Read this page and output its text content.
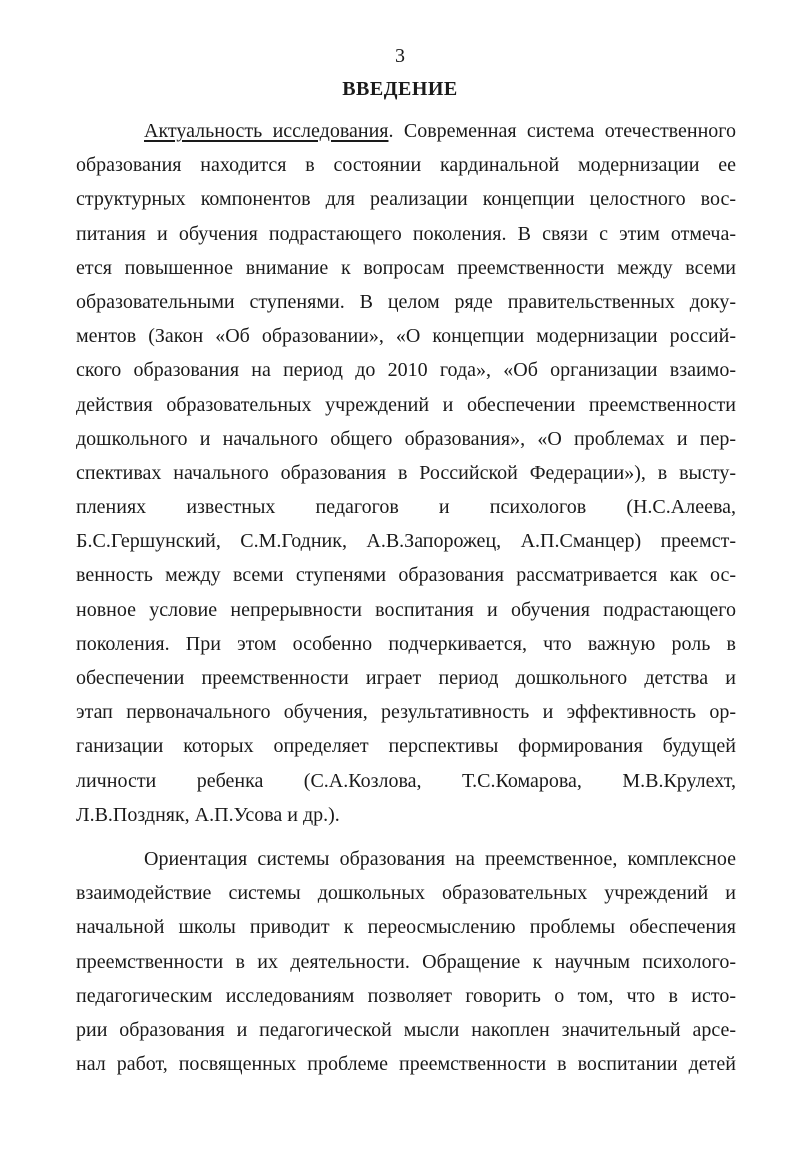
3
ВВЕДЕНИЕ
Актуальность исследования. Современная система отечественного
образования находится в состоянии кардинальной модернизации ее
структурных компонентов для реализации концепции целостного вос-
питания и обучения подрастающего поколения. В связи с этим отмеча-
ется повышенное внимание к вопросам преемственности между всеми
образовательными ступенями. В целом ряде правительственных доку-
ментов (Закон «Об образовании», «О концепции модернизации россий-
ского образования на период до 2010 года», «Об организации взаимо-
действия образовательных учреждений и обеспечении преемственности
дошкольного и начального общего образования», «О проблемах и пер-
спективах начального образования в Российской Федерации»), в высту-
плениях известных педагогов и психологов (Н.С.Алеева,
Б.С.Гершунский, С.М.Годник, А.В.Запорожец, А.П.Сманцер) преемст-
венность между всеми ступенями образования рассматривается как ос-
новное условие непрерывности воспитания и обучения подрастающего
поколения. При этом особенно подчеркивается, что важную роль в
обеспечении преемственности играет период дошкольного детства и
этап первоначального обучения, результативность и эффективность ор-
ганизации которых определяет перспективы формирования будущей
личности ребенка (С.А.Козлова, Т.С.Комарова, М.В.Крулехт,
Л.В.Поздняк, А.П.Усова и др.).
Ориентация системы образования на преемственное, комплексное
взаимодействие системы дошкольных образовательных учреждений и
начальной школы приводит к переосмыслению проблемы обеспечения
преемственности в их деятельности. Обращение к научным психолого-
педагогическим исследованиям позволяет говорить о том, что в исто-
рии образования и педагогической мысли накоплен значительный арсе-
нал работ, посвященных проблеме преемственности в воспитании детей
